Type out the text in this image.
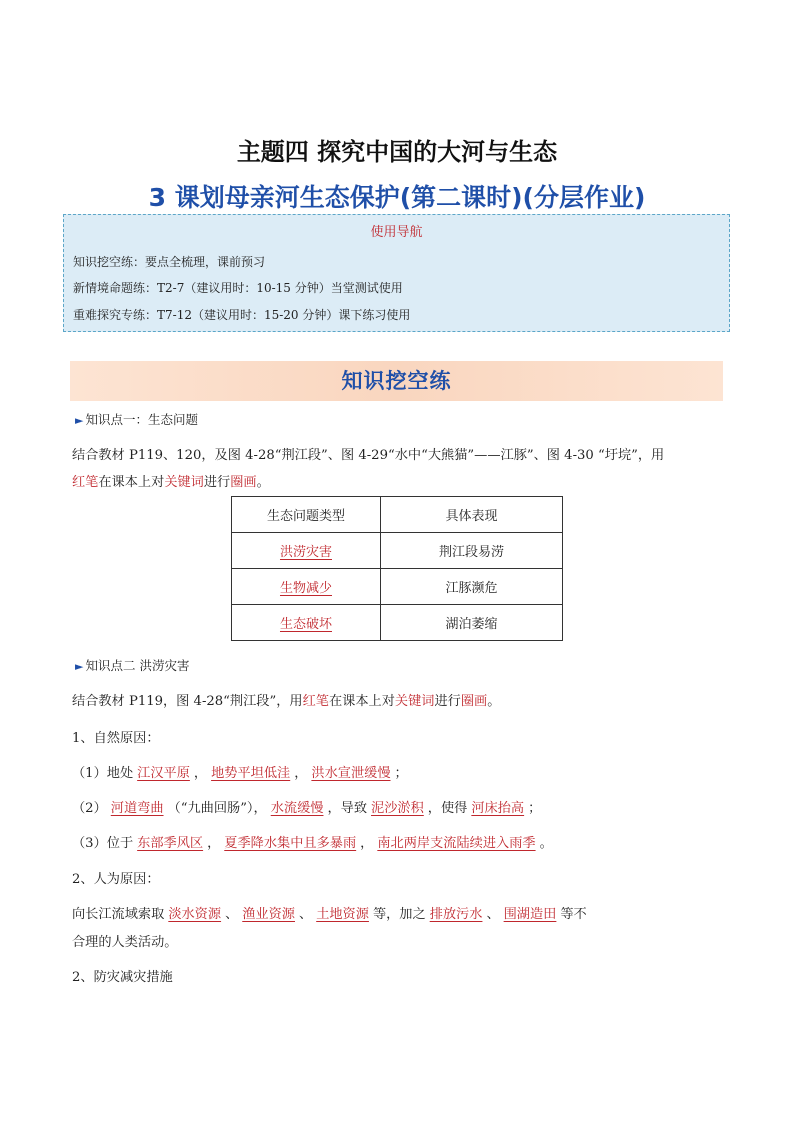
主题四 探究中国的大河与生态
3 课划母亲河生态保护(第二课时)(分层作业)
使用导航
知识挖空练：要点全梳理，课前预习
新情境命题练：T2-7（建议用时：10-15 分钟）当堂测试使用
重难探究专练：T7-12（建议用时：15-20 分钟）课下练习使用
知识挖空练
► 知识点一：生态问题
结合教材 P119、120，及图 4-28“荆江段”、图 4-29“水中“大熊猫”——江豚”、图 4-30 “圩垸”，用
红笔在课本上对关键词进行圈画。
生态问题类型	具体表现
洪涝灾害	荆江段易涝
生物减少	江豚濒危
生态破坏	湖泊萎缩
► 知识点二 洪涝灾害
结合教材 P119，图 4-28“荆江段”，用红笔在课本上对关键词进行圈画。
1、自然原因：
（1）地处 江汉平原 ， 地势平坦低洼 ， 洪水宣泄缓慢 ；
（2） 河道弯曲 （“九曲回肠”）， 水流缓慢 ，导致 泥沙淤积 ，使得 河床抬高 ；
（3）位于 东部季风区 ， 夏季降水集中且多暴雨 ， 南北两岸支流陆续进入雨季 。
2、人为原因：
向长江流域索取 淡水资源 、 渔业资源 、 土地资源 等，加之 排放污水 、 围湖造田 等不
合理的人类活动。
2、防灾减灾措施
